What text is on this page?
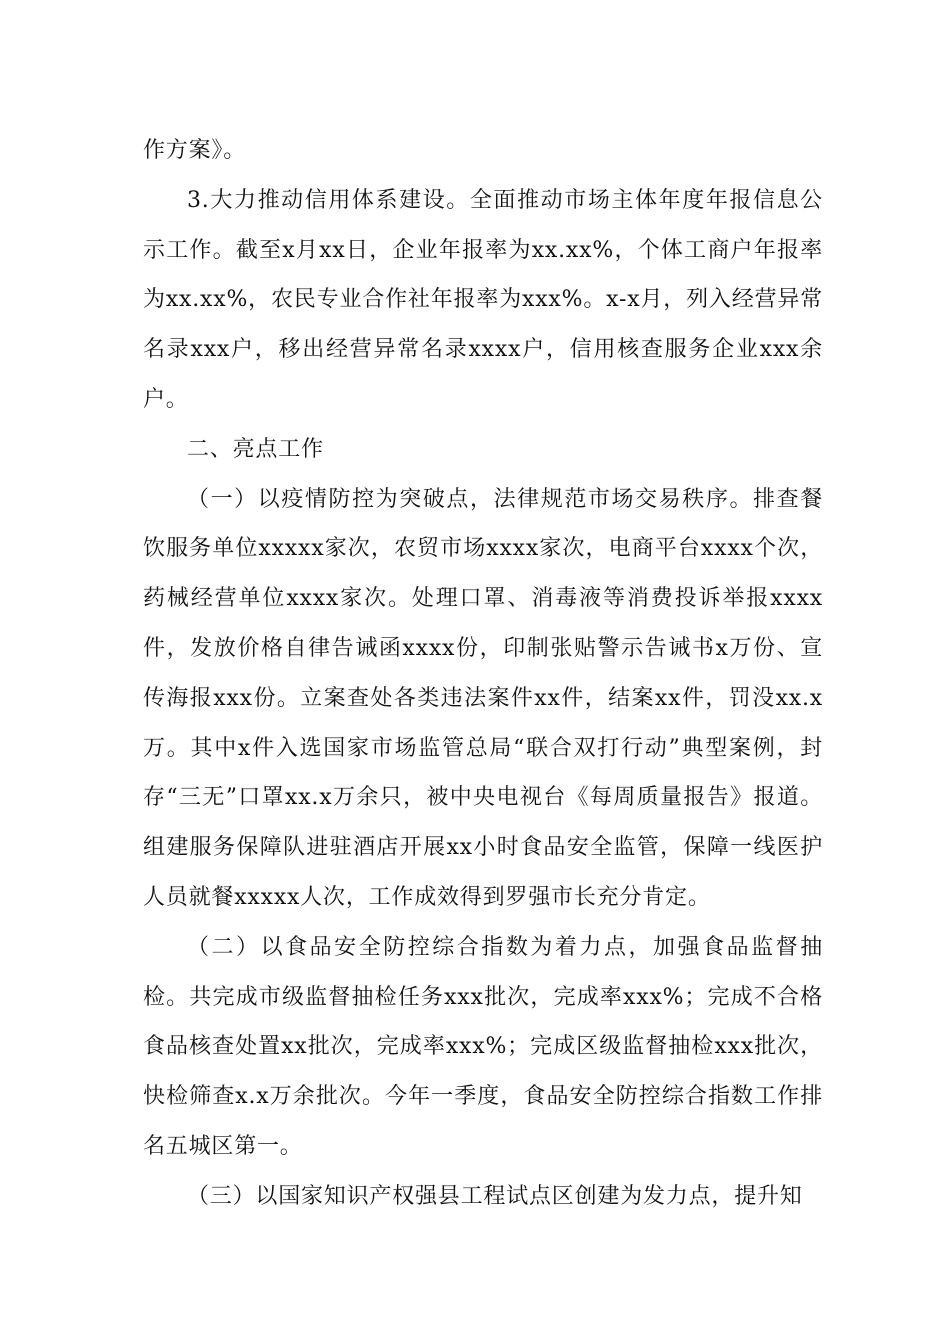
作方案》。

3.大力推动信用体系建设。全面推动市场主体年度年报信息公示工作。截至x月xx日，企业年报率为xx.xx%，个体工商户年报率为xx.xx%，农民专业合作社年报率为xxx%。x-x月，列入经营异常名录xxx户，移出经营异常名录xxxx户，信用核查服务企业xxx余户。

二、亮点工作

（一）以疫情防控为突破点，法律规范市场交易秩序。排查餐饮服务单位xxxxx家次，农贸市场xxxx家次，电商平台xxxx个次，药械经营单位xxxx家次。处理口罩、消毒液等消费投诉举报xxxx件，发放价格自律告诫函xxxx份，印制张贴警示告诫书x万份、宣传海报xxx份。立案查处各类违法案件xx件，结案xx件，罚没xx.x万。其中x件入选国家市场监管总局“联合双打行动”典型案例，封存“三无”口罩xx.x万余只，被中央电视台《每周质量报告》报道。组建服务保障队进驻酒店开展xx小时食品安全监管，保障一线医护人员就餐xxxxx人次，工作成效得到罗强市长充分肯定。

（二）以食品安全防控综合指数为着力点，加强食品监督抽检。共完成市级监督抽检任务xxx批次，完成率xxx%；完成不合格食品核查处置xx批次，完成率xxx%；完成区级监督抽检xxx批次，快检筛查x.x万余批次。今年一季度，食品安全防控综合指数工作排名五城区第一。

（三）以国家知识产权强县工程试点区创建为发力点，提升知
